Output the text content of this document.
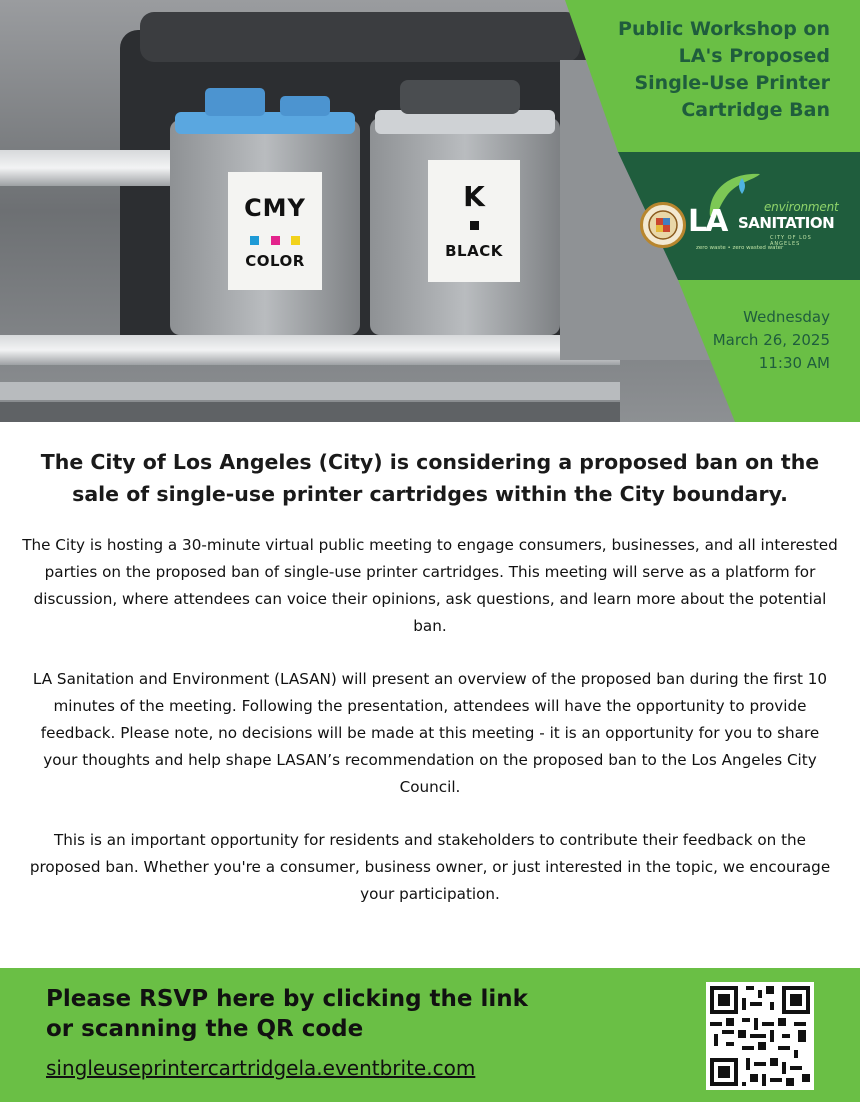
CMY

COLOR
K
BLACK
Public Workshop on
LA's Proposed
Single-Use Printer
Cartridge Ban
environment
LA SANITATION
CITY OF LOS ANGELES
zero waste • zero wasted water
Wednesday
March 26, 2025
11:30 AM

The City of Los Angeles (City) is considering a proposed ban on the sale of single-use printer cartridges within the City boundary.

The City is hosting a 30-minute virtual public meeting to engage consumers, businesses, and all interested parties on the proposed ban of single-use printer cartridges. This meeting will serve as a platform for discussion, where attendees can voice their opinions, ask questions, and learn more about the potential ban.

LA Sanitation and Environment (LASAN) will present an overview of the proposed ban during the first 10 minutes of the meeting. Following the presentation, attendees will have the opportunity to provide feedback. Please note, no decisions will be made at this meeting - it is an opportunity for you to share your thoughts and help shape LASAN’s recommendation on the proposed ban to the Los Angeles City Council.

This is an important opportunity for residents and stakeholders to contribute their feedback on the proposed ban. Whether you're a consumer, business owner, or just interested in the topic, we encourage your participation.

Please RSVP here by clicking the link
or scanning the QR code
singleuseprintercartridgela.eventbrite.com
